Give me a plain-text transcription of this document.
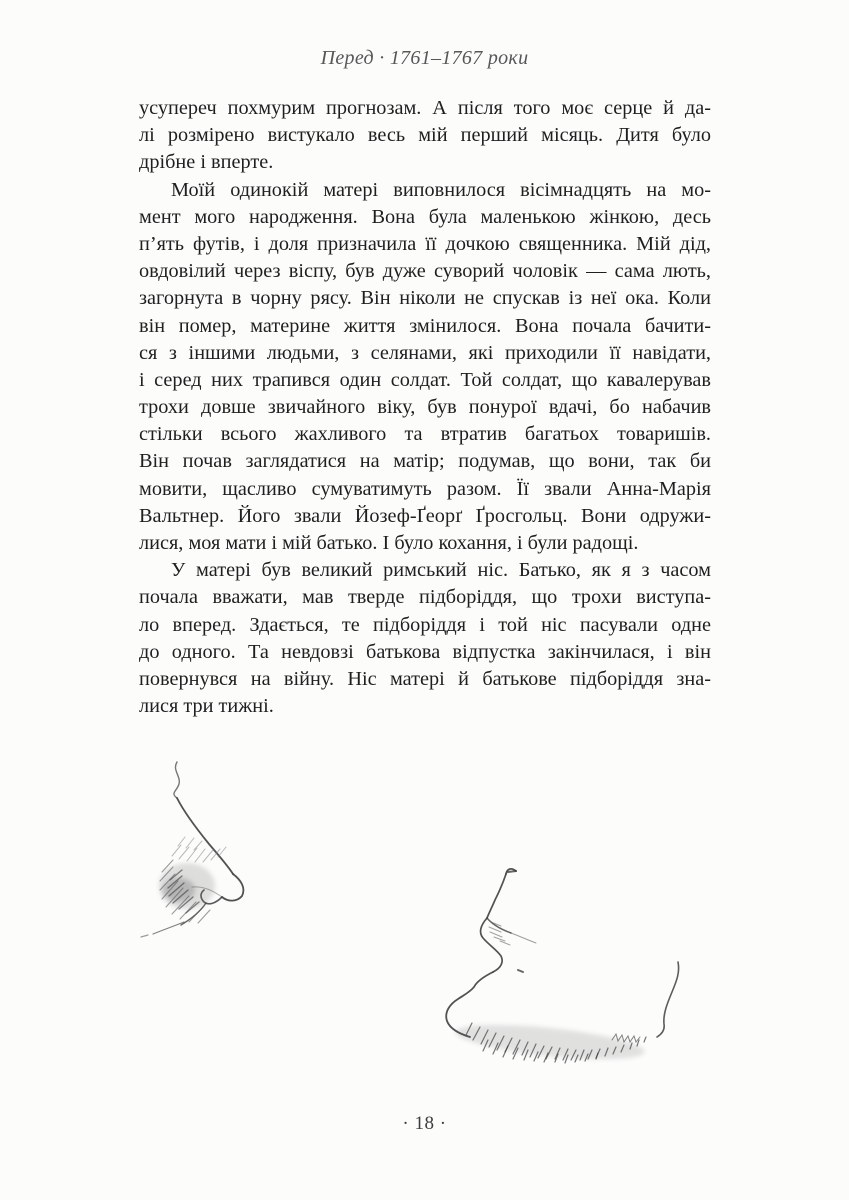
Перед · 1761–1767 роки
усупереч похмурим прогнозам. А після того моє серце й да-
лі розмірено вистукало весь мій перший місяць. Дитя було
дрібне і вперте.
Моїй одинокій матері виповнилося вісімнадцять на мо-
мент мого народження. Вона була маленькою жінкою, десь
п’ять футів, і доля призначила її дочкою священника. Мій дід,
овдовілий через віспу, був дуже суворий чоловік — сама лють,
загорнута в чорну рясу. Він ніколи не спускав із неї ока. Коли
він помер, материне життя змінилося. Вона почала бачити-
ся з іншими людьми, з селянами, які приходили її навідати,
і серед них трапився один солдат. Той солдат, що кавалерував
трохи довше звичайного віку, був понурої вдачі, бо набачив
стільки всього жахливого та втратив багатьох товаришів.
Він почав заглядатися на матір; подумав, що вони, так би
мовити, щасливо сумуватимуть разом. Її звали Анна-Марія
Вальтнер. Його звали Йозеф-Ґеорґ Ґросгольц. Вони одружи-
лися, моя мати і мій батько. І було кохання, і були радощі.
У матері був великий римський ніс. Батько, як я з часом
почала вважати, мав тверде підборіддя, що трохи виступа-
ло вперед. Здається, те підборіддя і той ніс пасували одне
до одного. Та невдовзі батькова відпустка закінчилася, і він
повернувся на війну. Ніс матері й батькове підборіддя зна-
лися три тижні.
· 18 ·
